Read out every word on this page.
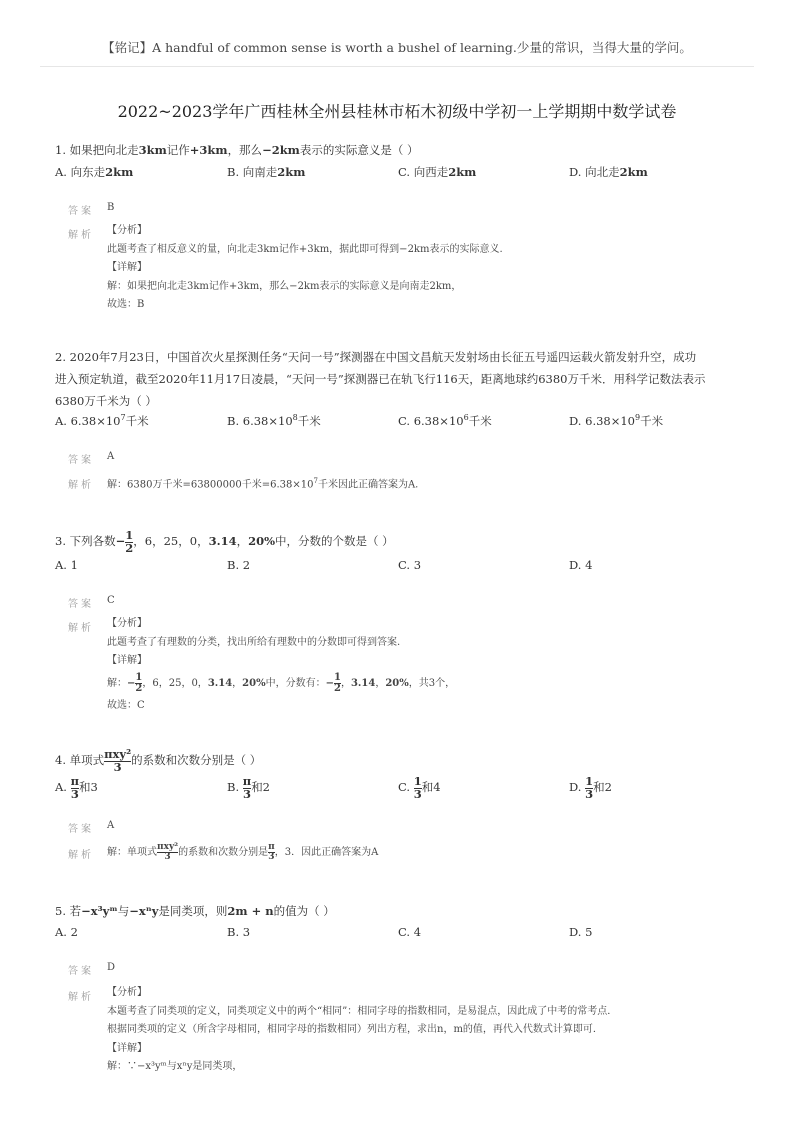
【铭记】A handful of common sense is worth a bushel of learning.少量的常识，当得大量的学问。
2022~2023学年广西桂林全州县桂林市柘木初级中学初一上学期期中数学试卷
1. 如果把向北走3km记作+3km，那么−2km表示的实际意义是（ ）
A. 向东走2km	B. 向南走2km	C. 向西走2km	D. 向北走2km
答案 B
解析 【分析】
此题考查了相反意义的量，向北走3km记作+3km，据此即可得到−2km表示的实际意义.
【详解】
解：如果把向北走3km记作+3km，那么−2km表示的实际意义是向南走2km，
故选：B
2. 2020年7月23日，中国首次火星探测任务“天问一号”探测器在中国文昌航天发射场由长征五号遥四运载火箭发射升空，成功
进入预定轨道，截至2020年11月17日凌晨，“天问一号”探测器已在轨飞行116天，距离地球约6380万千米．用科学记数法表示
6380万千米为（ ）
A. $6.38\times 10^7$千米	B. $6.38\times 10^8$千米	C. $6.38\times 10^6$千米	D. $6.38\times 10^9$千米
答案 A
解析 解：6380万千米=63800000千米$=6.38\times 10^7$千米因此正确答案为A.
3. 下列各数− $\frac{1}{2}$ ，6，25，0，3.14，20%中，分数的个数是（ ）
A. 1	B. 2	C. 3	D. 4
答案 C
解析 【分析】
此题考查了有理数的分类，找出所给有理数中的分数即可得到答案.
【详解】
解：− $\frac{1}{2}$ ，6，25，0，3.14，20%中，分数有：− $\frac{1}{2}$ ，3.14，20%，共3个，
故选：C
4. 单项式 $\frac{\text{πxy²}}{3}$ 的系数和次数分别是（ ）
A. $\frac{\pi}{3}$ 和3	B. $\frac{\pi}{3}$ 和2	C. $\frac{1}{3}$ 和4	D. $\frac{1}{3}$ 和2
答案 A
解析 解：单项式 $\frac{\text{πxy²}}{3}$ 的系数和次数分别是 $\frac{\pi}{3}$ ，3．因此正确答案为A
5. 若−x³yᵐ与−xⁿy是同类项，则2m + n的值为（ ）
A. 2	B. 3	C. 4	D. 5
答案 D
解析 【分析】
本题考查了同类项的定义，同类项定义中的两个“相同”：相同字母的指数相同，是易混点，因此成了中考的常考点．
根据同类项的定义（所含字母相同，相同字母的指数相同）列出方程，求出n，m的值，再代入代数式计算即可．
【详解】
解：∵−x³yᵐ与xⁿy是同类项，
